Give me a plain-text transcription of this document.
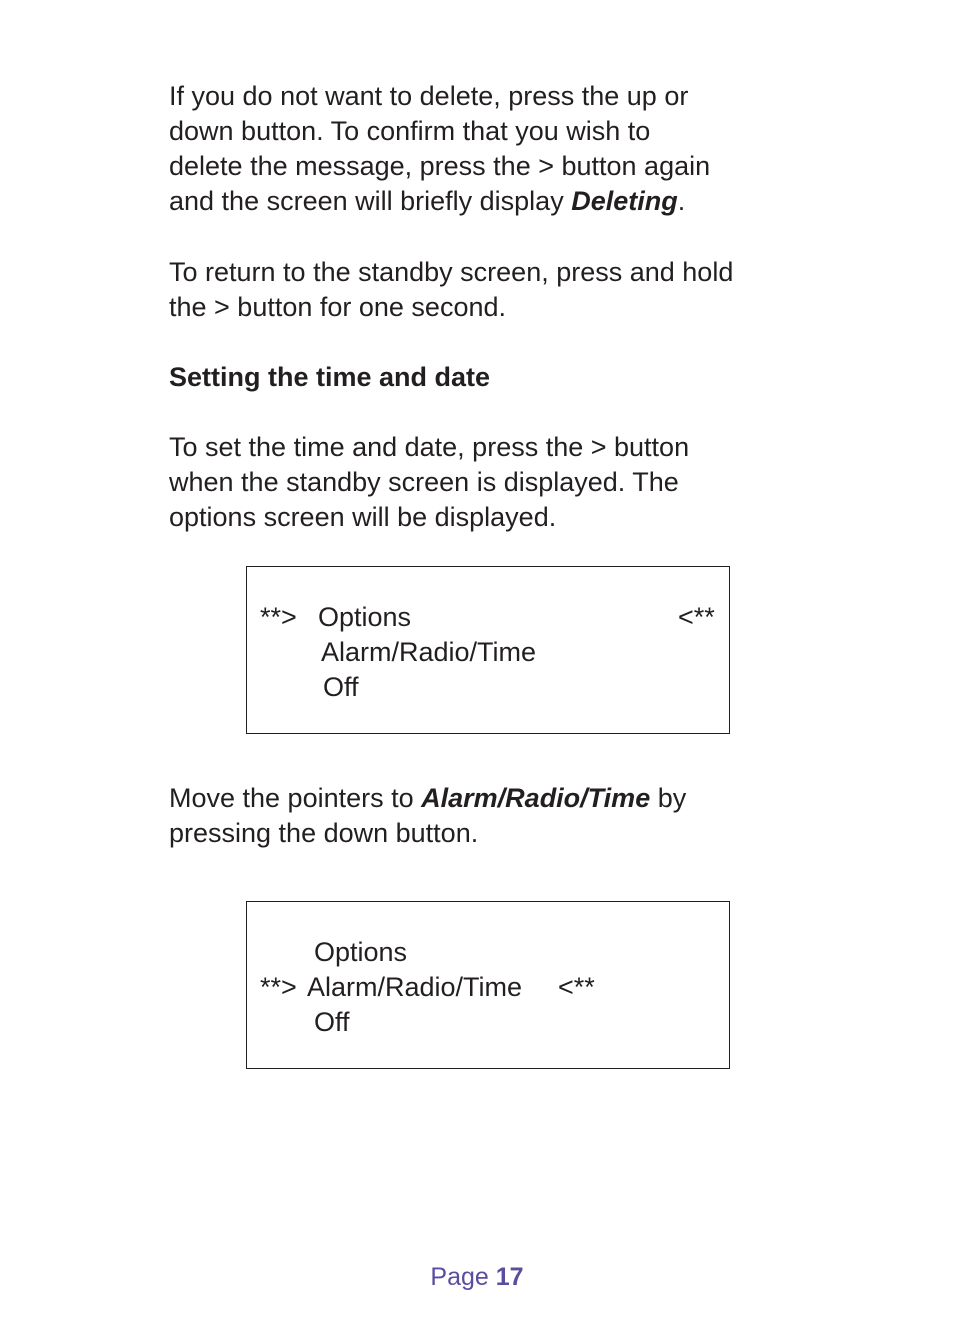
If you do not want to delete, press the up or
down button. To confirm that you wish to
delete the message, press the > button again
and the screen will briefly display Deleting.
To return to the standby screen, press and hold
the > button for one second.
Setting the time and date
To set the time and date, press the > button
when the standby screen is displayed. The
options screen will be displayed.
**> Options	<**
Alarm/Radio/Time
Off
Move the pointers to Alarm/Radio/Time by
pressing the down button.
Options
**> Alarm/Radio/Time <**
Off
Page 17
